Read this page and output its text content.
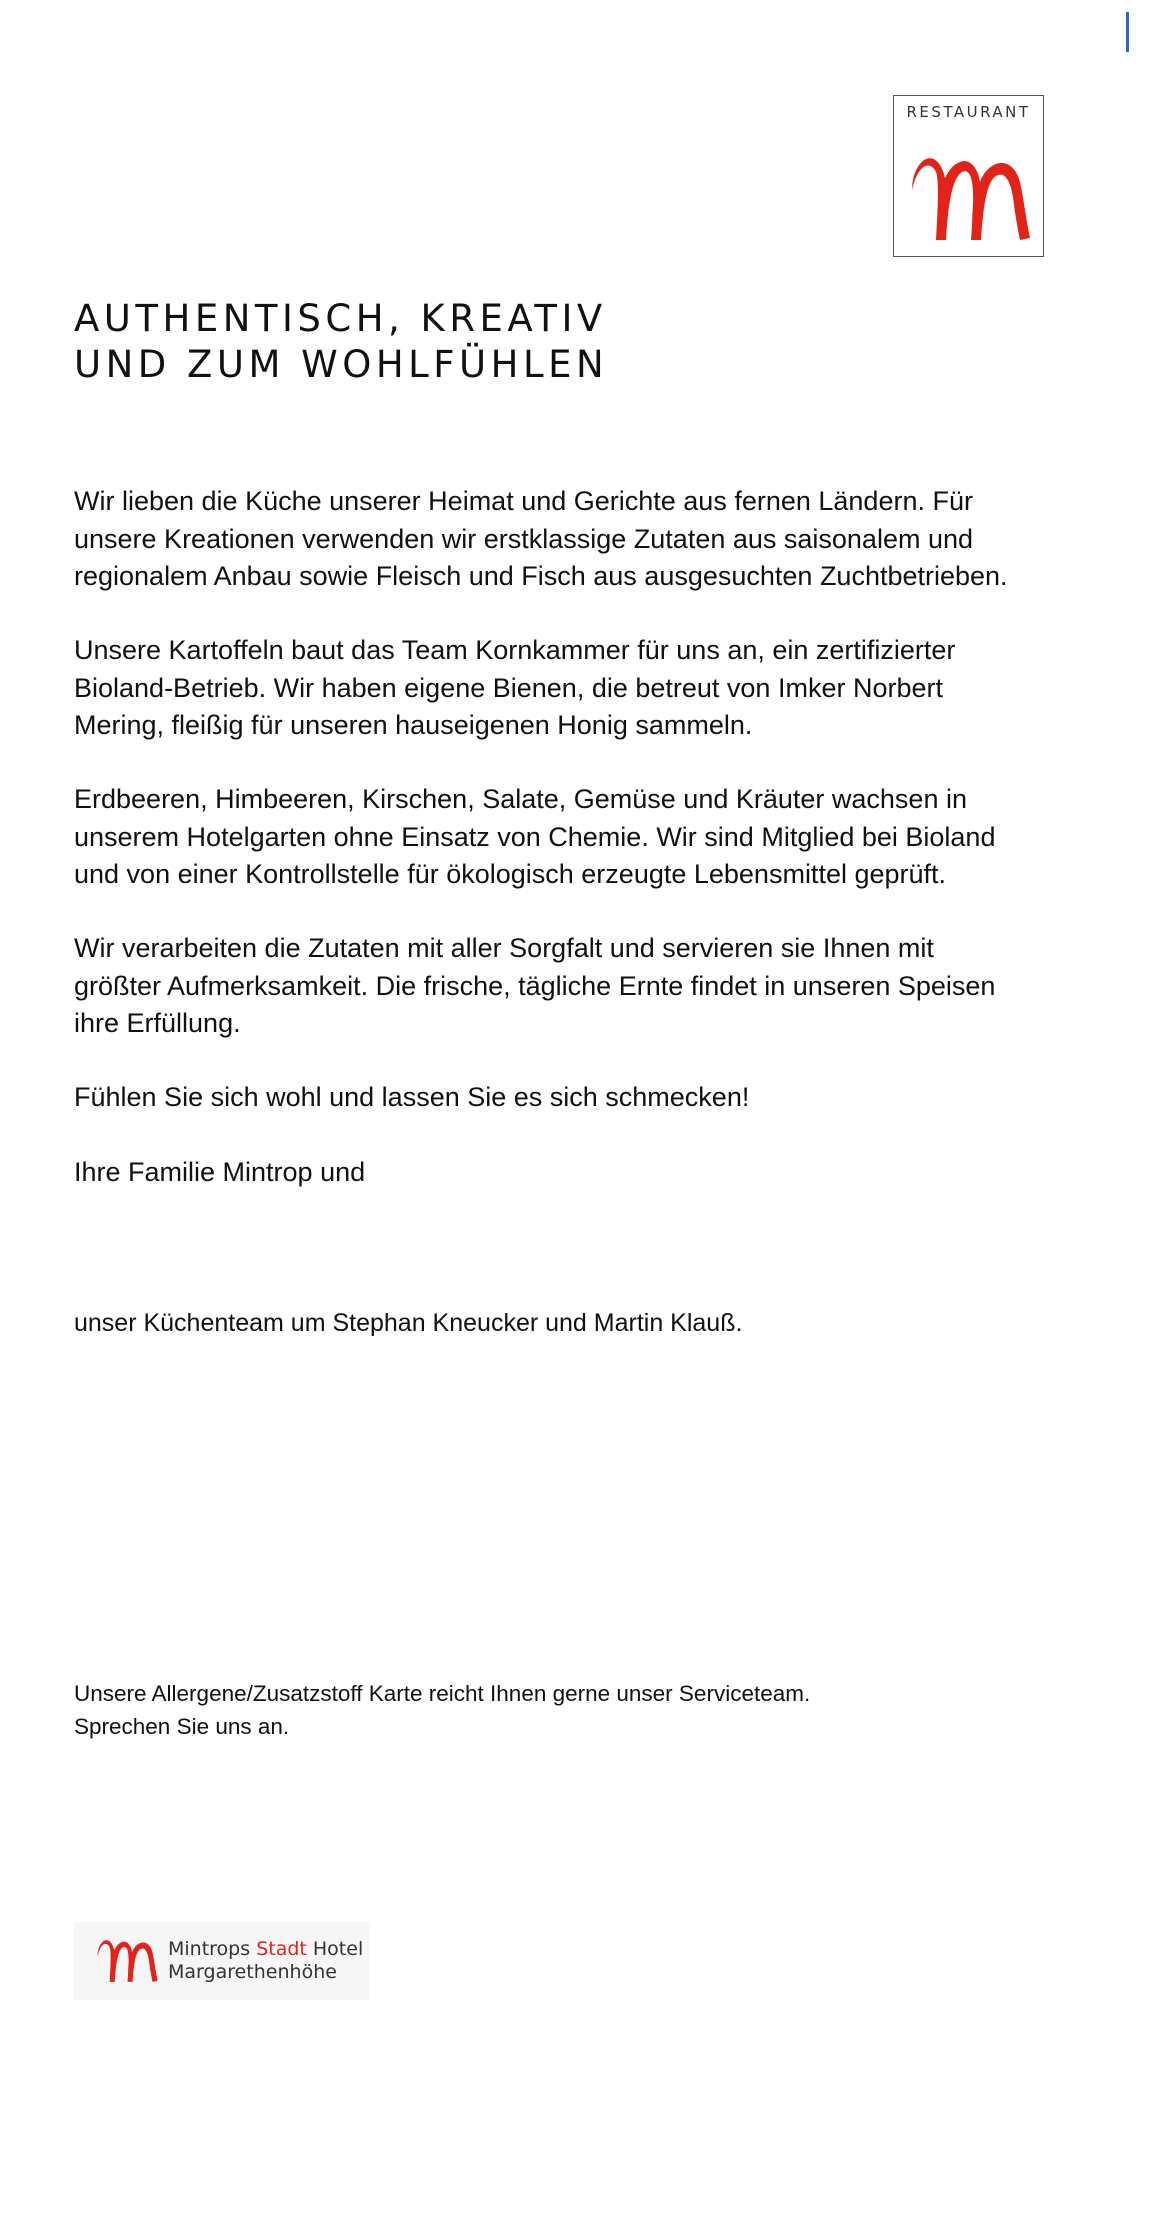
RESTAURANT
AUTHENTISCH, KREATIV
UND ZUM WOHLFÜHLEN

Wir lieben die Küche unserer Heimat und Gerichte aus fernen Ländern. Für
unsere Kreationen verwenden wir erstklassige Zutaten aus saisonalem und
regionalem Anbau sowie Fleisch und Fisch aus ausgesuchten Zuchtbetrieben.

Unsere Kartoffeln baut das Team Kornkammer für uns an, ein zertifizierter
Bioland-Betrieb. Wir haben eigene Bienen, die betreut von Imker Norbert
Mering, fleißig für unseren hauseigenen Honig sammeln.

Erdbeeren, Himbeeren, Kirschen, Salate, Gemüse und Kräuter wachsen in
unserem Hotelgarten ohne Einsatz von Chemie. Wir sind Mitglied bei Bioland
und von einer Kontrollstelle für ökologisch erzeugte Lebensmittel geprüft.

Wir verarbeiten die Zutaten mit aller Sorgfalt und servieren sie Ihnen mit
größter Aufmerksamkeit. Die frische, tägliche Ernte findet in unseren Speisen
ihre Erfüllung.

Fühlen Sie sich wohl und lassen Sie es sich schmecken!

Ihre Familie Mintrop und

unser Küchenteam um Stephan Kneucker und Martin Klauß.

Unsere Allergene/Zusatzstoff Karte reicht Ihnen gerne unser Serviceteam.
Sprechen Sie uns an.

Mintrops Stadt Hotel
Margarethenhöhe
